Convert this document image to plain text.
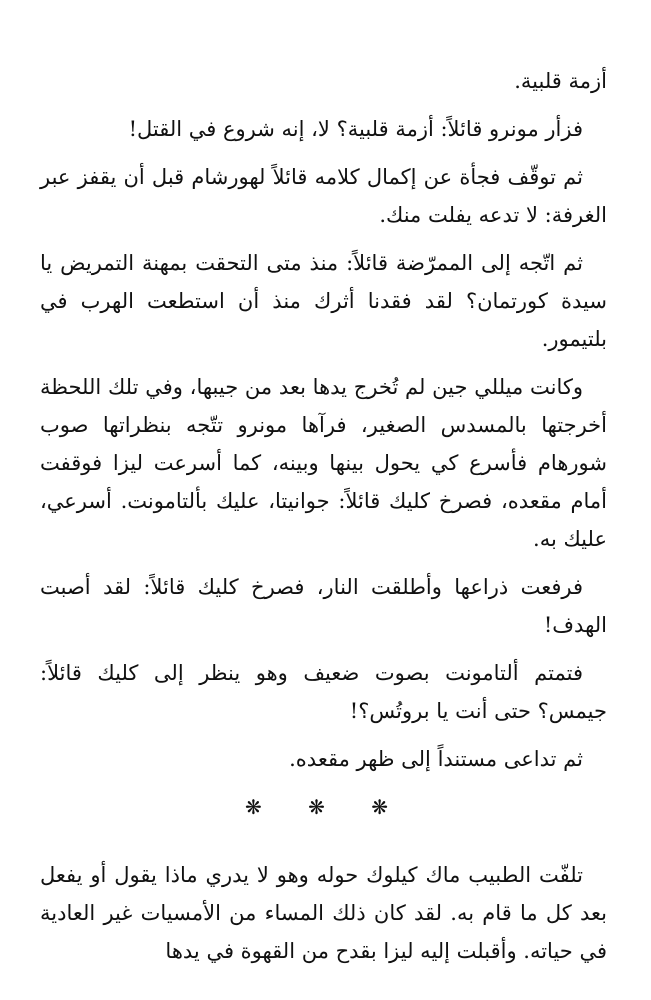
أزمة قلبية.

فزأر مونرو قائلاً: أزمة قلبية؟ لا، إنه شروع في القتل!

ثم توقّف فجأة عن إكمال كلامه قائلاً لهورشام قبل أن يقفز عبر الغرفة: لا تدعه يفلت منك.

ثم اتّجه إلى الممرّضة قائلاً: منذ متى التحقت بمهنة التمريض يا سيدة كورتمان؟ لقد فقدنا أثرك منذ أن استطعت الهرب في بلتيمور.

وكانت ميللي جين لم تُخرج يدها بعد من جيبها، وفي تلك اللحظة أخرجتها بالمسدس الصغير، فرآها مونرو تتّجه بنظراتها صوب شورهام فأسرع كي يحول بينها وبينه، كما أسرعت ليزا فوقفت أمام مقعده، فصرخ كليك قائلاً: جوانيتا، عليك بألتامونت. أسرعي، عليك به.

فرفعت ذراعها وأطلقت النار، فصرخ كليك قائلاً: لقد أصبت الهدف!

فتمتم ألتامونت بصوت ضعيف وهو ينظر إلى كليك قائلاً: جيمس؟ حتى أنت يا بروتُس؟!

ثم تداعى مستنداً إلى ظهر مقعده.

❋ ❋ ❋

تلفّت الطبيب ماك كيلوك حوله وهو لا يدري ماذا يقول أو يفعل بعد كل ما قام به. لقد كان ذلك المساء من الأمسيات غير العادية في حياته. وأقبلت إليه ليزا بقدح من القهوة في يدها
